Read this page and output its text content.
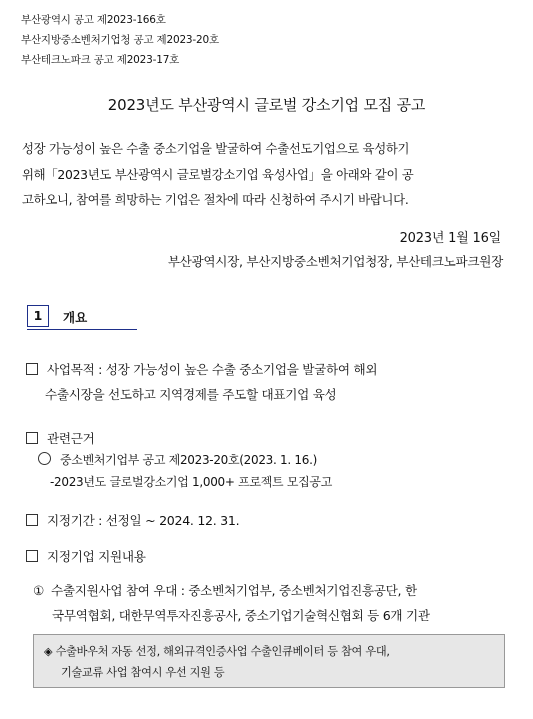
부산광역시 공고 제2023-166호
부산지방중소벤처기업청 공고 제2023-20호
부산테크노파크 공고 제2023-17호
2023년도 부산광역시 글로벌 강소기업 모집 공고

성장 가능성이 높은 수출 중소기업을 발굴하여 수출선도기업으로 육성하기

위해「2023년도 부산광역시 글로벌강소기업 육성사업」을 아래와 같이 공

고하오니, 참여를 희망하는 기업은 절차에 따라 신청하여 주시기 바랍니다.

2023년 1월 16일
부산광역시장, 부산지방중소벤처기업청장, 부산테크노파크원장
1	개요
사업목적 : 성장 가능성이 높은 수출 중소기업을 발굴하여 해외
수출시장을 선도하고 지역경제를 주도할 대표기업 육성
관련근거
중소벤처기업부 공고 제2023-20호(2023. 1. 16.)
-2023년도 글로벌강소기업 1,000+ 프로젝트 모집공고
지정기간 : 선정일 ~ 2024. 12. 31.
지정기업 지원내용
① 수출지원사업 참여 우대 : 중소벤처기업부, 중소벤처기업진흥공단, 한
국무역협회, 대한무역투자진흥공사, 중소기업기술혁신협회 등 6개 기관
◈ 수출바우처 자동 선정, 해외규격인증사업 수출인큐베이터 등 참여 우대,
기술교류 사업 참여시 우선 지원 등
